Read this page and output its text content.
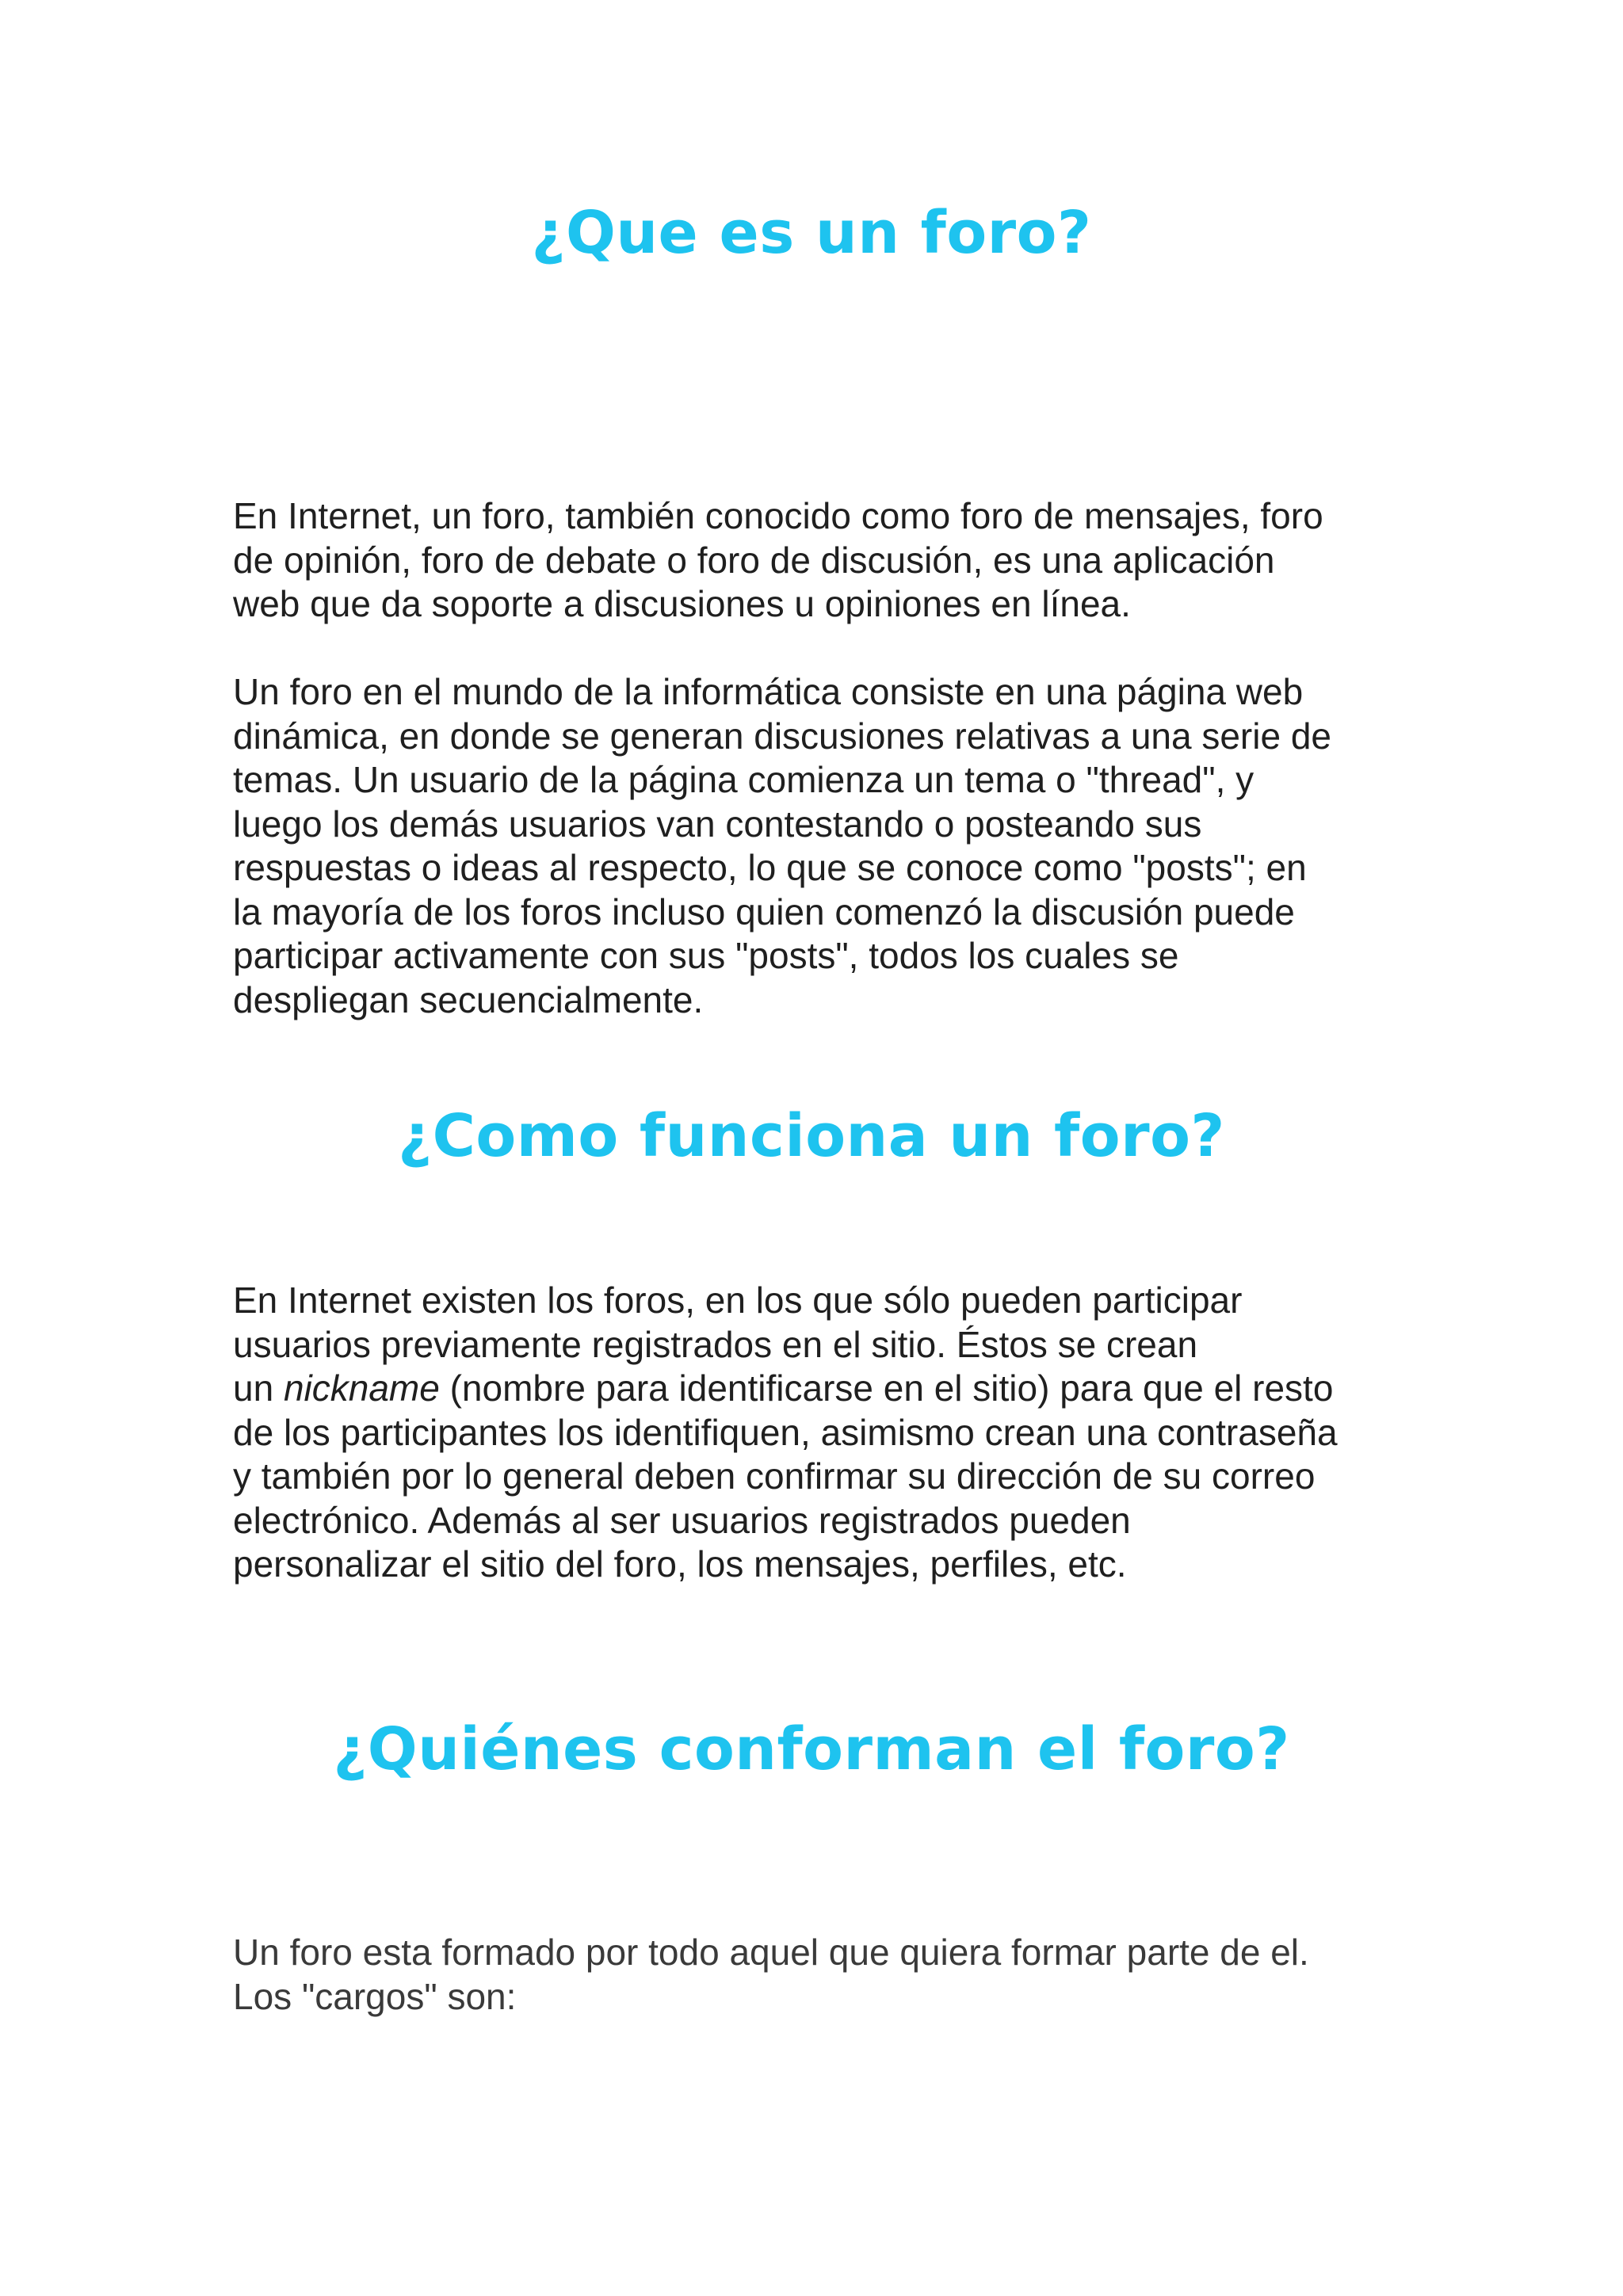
¿Que es un foro?

En Internet, un foro, también conocido como foro de mensajes, foro
de opinión, foro de debate o foro de discusión, es una aplicación
web que da soporte a discusiones u opiniones en línea.

Un foro en el mundo de la informática consiste en una página web
dinámica, en donde se generan discusiones relativas a una serie de
temas. Un usuario de la página comienza un tema o "thread", y
luego los demás usuarios van contestando o posteando sus
respuestas o ideas al respecto, lo que se conoce como "posts"; en
la mayoría de los foros incluso quien comenzó la discusión puede
participar activamente con sus "posts", todos los cuales se
despliegan secuencialmente.

¿Como funciona un foro?

En Internet existen los foros, en los que sólo pueden participar
usuarios previamente registrados en el sitio. Éstos se crean
un nickname (nombre para identificarse en el sitio) para que el resto
de los participantes los identifiquen, asimismo crean una contraseña
y también por lo general deben confirmar su dirección de su correo
electrónico. Además al ser usuarios registrados pueden
personalizar el sitio del foro, los mensajes, perfiles, etc.

¿Quiénes conforman el foro?

Un foro esta formado por todo aquel que quiera formar parte de el.
Los "cargos" son:
